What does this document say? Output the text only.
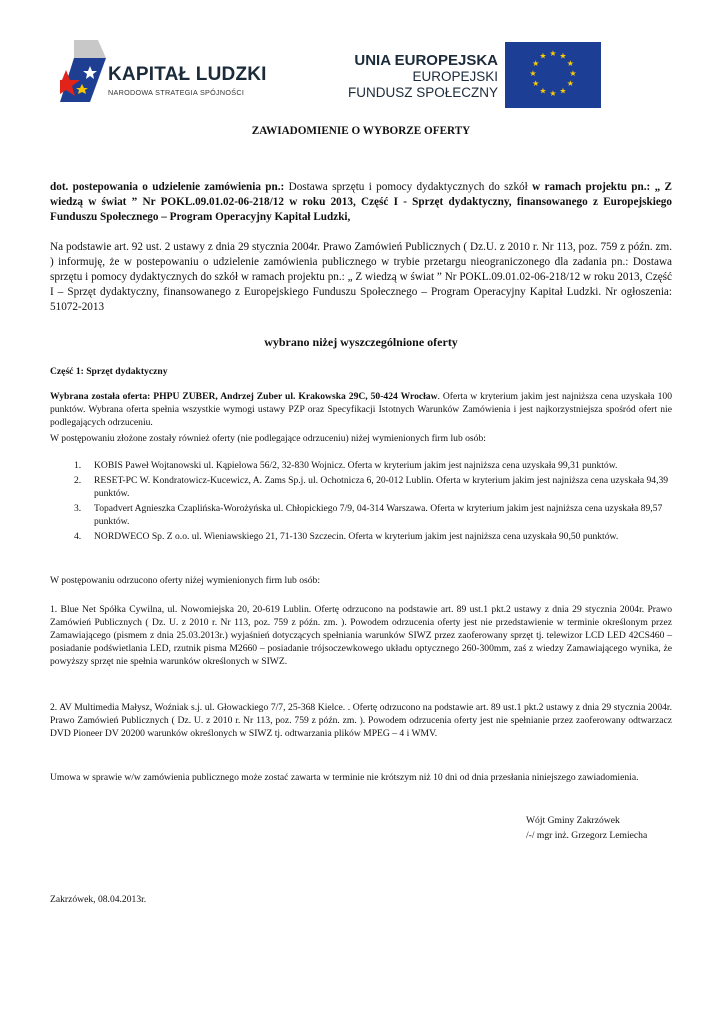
KAPITAŁ LUDZKI
NARODOWA STRATEGIA SPÓJNOŚCI
UNIA EUROPEJSKA
EUROPEJSKI
FUNDUSZ SPOŁECZNY
★ ★
★
★
★
★
★
★
★
★
★
★
ZAWIADOMIENIE O WYBORZE OFERTY
dot. postepowania o udzielenie zamówienia pn.: Dostawa sprzętu i pomocy dydaktycznych do szkół w ramach projektu pn.: „ Z wiedzą w świat ” Nr POKL.09.01.02-06-218/12 w roku 2013, Część I - Sprzęt dydaktyczny, finansowanego z Europejskiego Funduszu Społecznego – Program Operacyjny Kapitał Ludzki,
Na podstawie art. 92 ust. 2 ustawy z dnia 29 stycznia 2004r. Prawo Zamówień Publicznych ( Dz.U. z 2010 r. Nr 113, poz. 759 z późn. zm. ) informuję, że w postepowaniu o udzielenie zamówienia publicznego w trybie przetargu nieograniczonego dla zadania pn.: Dostawa sprzętu i pomocy dydaktycznych do szkół w ramach projektu pn.: „ Z wiedzą w świat ” Nr POKL.09.01.02-06-218/12 w roku 2013, Część I – Sprzęt dydaktyczny, finansowanego z Europejskiego Funduszu Społecznego – Program Operacyjny Kapitał Ludzki. Nr ogłoszenia: 51072-2013
wybrano niżej wyszczególnione oferty
Część 1: Sprzęt dydaktyczny
Wybrana została oferta: PHPU ZUBER, Andrzej Zuber ul. Krakowska 29C, 50-424 Wrocław. Oferta w kryterium jakim jest najniższa cena uzyskała 100 punktów. Wybrana oferta spełnia wszystkie wymogi ustawy PZP oraz Specyfikacji Istotnych Warunków Zamówienia i jest najkorzystniejsza spośród ofert nie podlegających odrzuceniu.
W postępowaniu złożone zostały również oferty (nie podlegające odrzuceniu) niżej wymienionych firm lub osób:
1. KOBIS Paweł Wojtanowski ul. Kąpielowa 56/2, 32-830 Wojnicz. Oferta w kryterium jakim jest najniższa cena uzyskała 99,31 punktów.
2. RESET-PC W. Kondratowicz-Kucewicz, A. Zams Sp.j. ul. Ochotnicza 6, 20-012 Lublin. Oferta w kryterium jakim jest najniższa cena uzyskała 94,39 punktów.
3. Topadvert Agnieszka Czaplińska-Worożyńska ul. Chłopickiego 7/9, 04-314 Warszawa. Oferta w kryterium jakim jest najniższa cena uzyskała 89,57 punktów.
4. NORDWECO Sp. Z o.o. ul. Wieniawskiego 21, 71-130 Szczecin. Oferta w kryterium jakim jest najniższa cena uzyskała 90,50 punktów.
W postępowaniu odrzucono oferty niżej wymienionych firm lub osób:
1. Blue Net Spółka Cywilna, ul. Nowomiejska 20, 20-619 Lublin. Ofertę odrzucono na podstawie art. 89 ust.1 pkt.2 ustawy z dnia 29 stycznia 2004r. Prawo Zamówień Publicznych ( Dz. U. z 2010 r. Nr 113, poz. 759 z późn. zm. ). Powodem odrzucenia oferty jest nie przedstawienie w terminie określonym przez Zamawiającego (pismem z dnia 25.03.2013r.) wyjaśnień dotyczących spełniania warunków SIWZ przez zaoferowany sprzęt tj. telewizor LCD LED 42CS460 –posiadanie podświetlania LED, rzutnik pisma M2660 – posiadanie trójsoczewkowego układu optycznego 260-300mm, zaś z wiedzy Zamawiającego wynika, że powyższy sprzęt nie spełnia warunków określonych w SIWZ.
2. AV Multimedia Małysz, Woźniak s.j. ul. Głowackiego 7/7, 25-368 Kielce. . Ofertę odrzucono na podstawie art. 89 ust.1 pkt.2 ustawy z dnia 29 stycznia 2004r. Prawo Zamówień Publicznych ( Dz. U. z 2010 r. Nr 113, poz. 759 z późn. zm. ). Powodem odrzucenia oferty jest nie spełnianie przez zaoferowany odtwarzacz DVD Pioneer DV 20200 warunków określonych w SIWZ tj. odtwarzania plików MPEG – 4 i WMV.
Umowa w sprawie w/w zamówienia publicznego może zostać zawarta w terminie nie krótszym niż 10 dni od dnia przesłania niniejszego zawiadomienia.
Wójt Gminy Zakrzówek
/-/ mgr inż. Grzegorz Lemiecha
Zakrzówek, 08.04.2013r.
